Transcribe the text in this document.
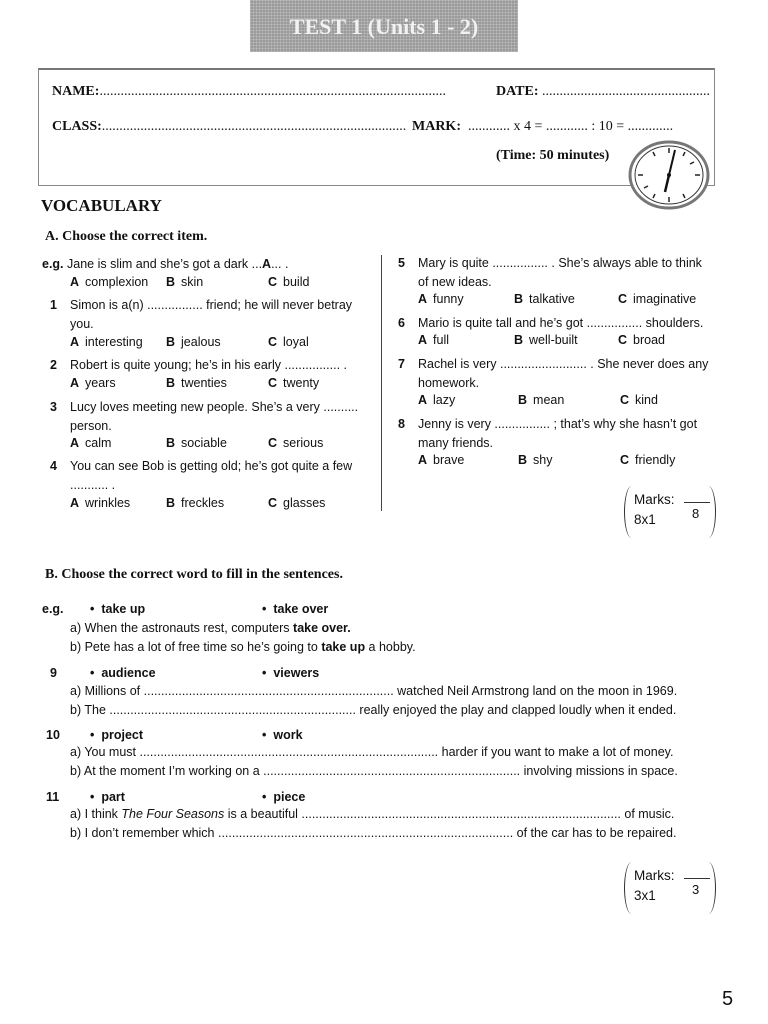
TEST 1 (Units 1 - 2)
NAME:...................................................................................................	DATE: ................................................
CLASS:....................................................................................... MARK: ............ x 4 = ............ : 10 = .............
(Time: 50 minutes)
VOCABULARY
A. Choose the correct item.
e.g. Jane is slim and she’s got a dark ...A... .
A complexion B skin	C build
1 Simon is a(n) ................ friend; he will never betray
you.
A interesting B jealous	C loyal
2 Robert is quite young; he’s in his early ................ .
A years	B twenties	C twenty
3 Lucy loves meeting new people. She’s a very ..........
person.
A calm	B sociable	C serious
4 You can see Bob is getting old; he’s got quite a few
........... .
A wrinkles	B freckles	C glasses
5 Mary is quite ................ . She’s always able to think
of new ideas.
A funny	B talkative	C imaginative
6 Mario is quite tall and he’s got ................ shoulders.
A full	B well-built	C broad
7 Rachel is very ......................... . She never does any
homework.
A lazy	B mean	C kind
8 Jenny is very ................ ; that’s why she hasn’t got
many friends.
A brave	B shy	C friendly
Marks:
8
8x1
B. Choose the correct word to fill in the sentences.
e.g. • take up	• take over
a) When the astronauts rest, computers take over.
b) Pete has a lot of free time so he’s going to take up a hobby.
9	• audience	• viewers
a) Millions of ........................................................................ watched Neil Armstrong land on the moon in 1969.
b) The ....................................................................... really enjoyed the play and clapped loudly when it ended.
10 • project	• work
a) You must ...................................................................................... harder if you want to make a lot of money.
b) At the moment I’m working on a .......................................................................... involving missions in space.
11 • part	• piece
a) I think The Four Seasons is a beautiful ............................................................................................ of music.
b) I don’t remember which ..................................................................................... of the car has to be repaired.
Marks:
3
3x1
5
